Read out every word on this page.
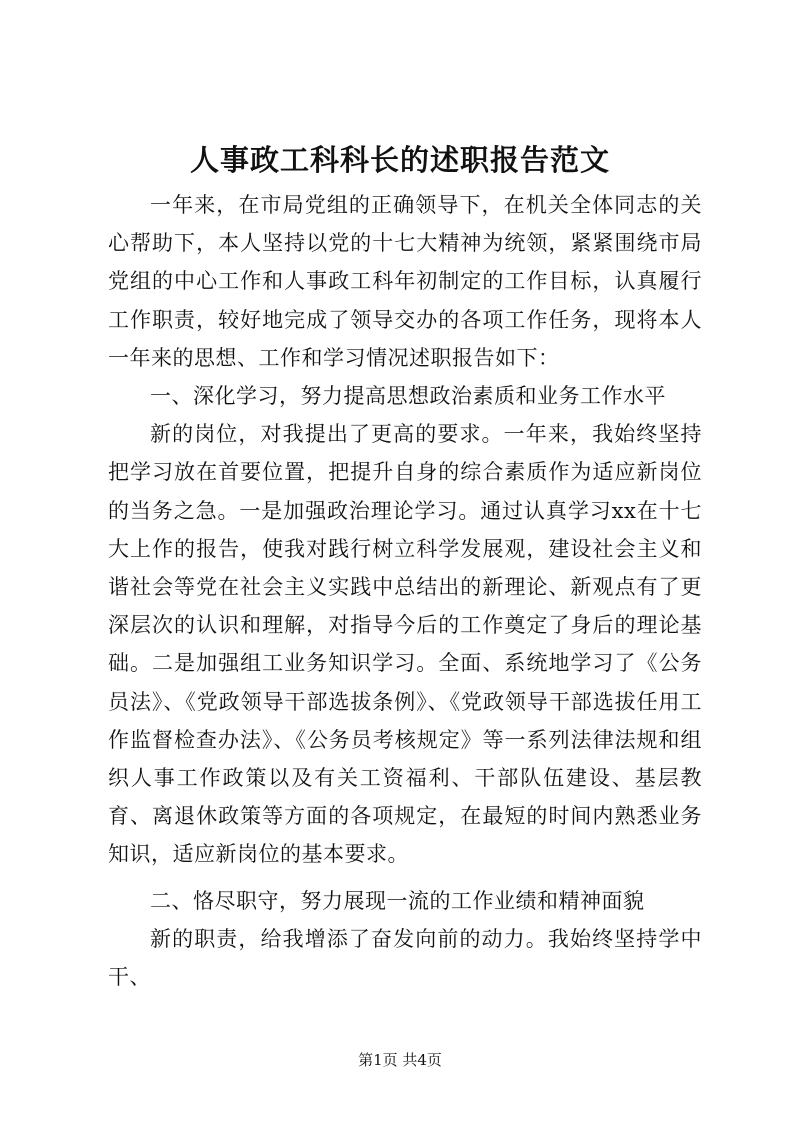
人事政工科科长的述职报告范文

一年来，在市局党组的正确领导下，在机关全体同志的关心帮助下，本人坚持以党的十七大精神为统领，紧紧围绕市局党组的中心工作和人事政工科年初制定的工作目标，认真履行工作职责，较好地完成了领导交办的各项工作任务，现将本人一年来的思想、工作和学习情况述职报告如下：

一、深化学习，努力提高思想政治素质和业务工作水平

新的岗位，对我提出了更高的要求。一年来，我始终坚持把学习放在首要位置，把提升自身的综合素质作为适应新岗位的当务之急。一是加强政治理论学习。通过认真学习xx在十七大上作的报告，使我对践行树立科学发展观，建设社会主义和谐社会等党在社会主义实践中总结出的新理论、新观点有了更深层次的认识和理解，对指导今后的工作奠定了身后的理论基础。二是加强组工业务知识学习。全面、系统地学习了《公务员法》、《党政领导干部选拔条例》、《党政领导干部选拔任用工作监督检查办法》、《公务员考核规定》等一系列法律法规和组织人事工作政策以及有关工资福利、干部队伍建设、基层教育、离退休政策等方面的各项规定，在最短的时间内熟悉业务知识，适应新岗位的基本要求。

二、恪尽职守，努力展现一流的工作业绩和精神面貌

新的职责，给我增添了奋发向前的动力。我始终坚持学中干、

第1页 共4页
